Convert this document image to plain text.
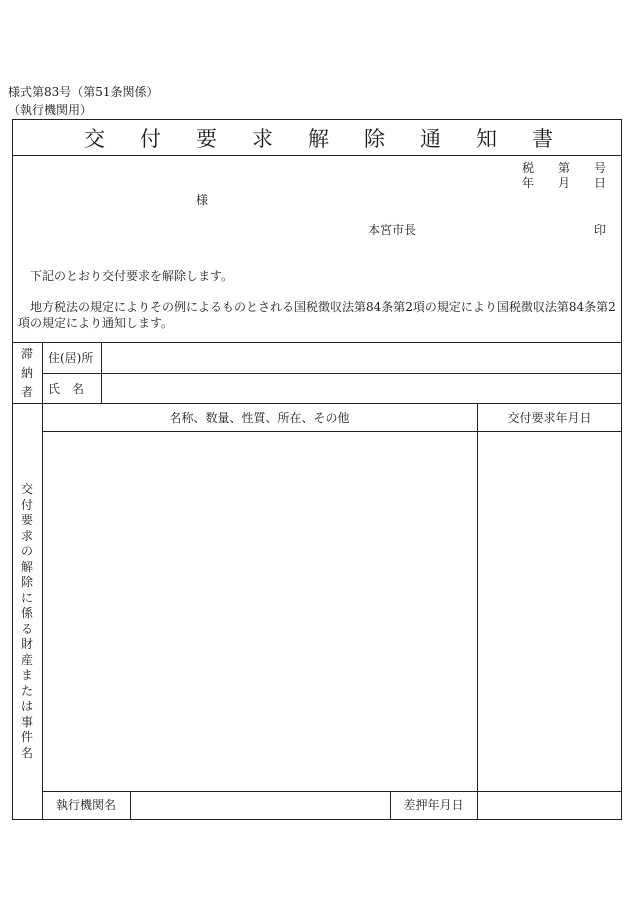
様式第83号（第51条関係）
（執行機関用）
交 付 要 求 解 除 通 知 書
税 第 号
年 月 日
様
本宮市長	印
下記のとおり交付要求を解除します。
地方税法の規定によりその例によるものとされる国税徴収法第84条第2項の規定により国税徴収法第84条第2項の規定により通知します。
滞
納
者
住(居)所
氏　名
交
付
要
求
の
解
除
に
係
る
財
産
ま
た
は
事
件
名
名称、数量、性質、所在、その他	交付要求年月日
執行機関名	差押年月日
